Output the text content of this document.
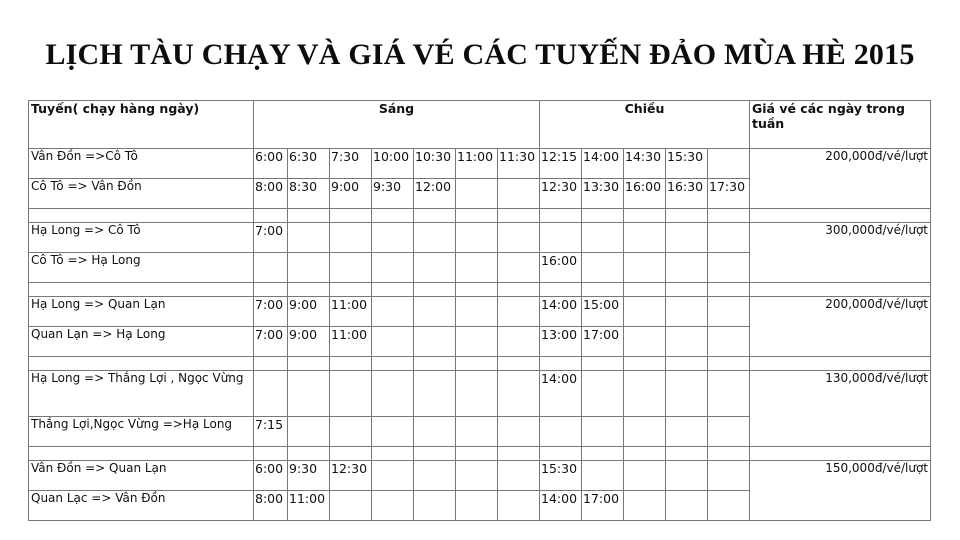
LỊCH TÀU CHẠY VÀ GIÁ VÉ CÁC TUYẾN ĐẢO MÙA HÈ 2015
Tuyến( chạy hàng ngày)	Sáng							Chiều					Giá vé các ngày trong tuần
Vân Đồn =>Cô Tô	6:00	6:30	7:30	10:00	10:30	11:00	11:30	12:15	14:00	14:30	15:30		200,000đ/vé/lượt
Cô Tô => Vân Đồn	8:00	8:30	9:00	9:30	12:00			12:30	13:30	16:00	16:30	17:30	

Hạ Long => Cô Tô	7:00												300,000đ/vé/lượt
Cô Tô => Hạ Long								16:00					

Hạ Long => Quan Lạn	7:00	9:00	11:00					14:00	15:00				200,000đ/vé/lượt
Quan Lạn => Hạ Long	7:00	9:00	11:00					13:00	17:00				

Hạ Long => Thắng Lợi , Ngọc Vừng								14:00					130,000đ/vé/lượt
Thắng Lợi,Ngọc Vừng =>Hạ Long	7:15												

Vân Đồn => Quan Lạn	6:00	9:30	12:30					15:30					150,000đ/vé/lượt
Quan Lạc => Vân Đồn	8:00	11:00						14:00	17:00				
